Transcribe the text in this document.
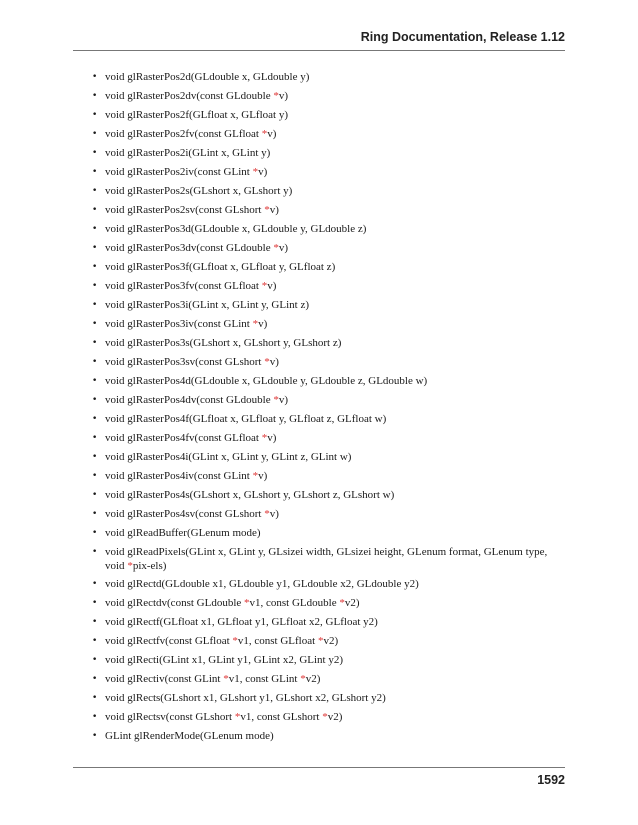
Ring Documentation, Release 1.12
• void glRasterPos2d(GLdouble x, GLdouble y)
• void glRasterPos2dv(const GLdouble *v)
• void glRasterPos2f(GLfloat x, GLfloat y)
• void glRasterPos2fv(const GLfloat *v)
• void glRasterPos2i(GLint x, GLint y)
• void glRasterPos2iv(const GLint *v)
• void glRasterPos2s(GLshort x, GLshort y)
• void glRasterPos2sv(const GLshort *v)
• void glRasterPos3d(GLdouble x, GLdouble y, GLdouble z)
• void glRasterPos3dv(const GLdouble *v)
• void glRasterPos3f(GLfloat x, GLfloat y, GLfloat z)
• void glRasterPos3fv(const GLfloat *v)
• void glRasterPos3i(GLint x, GLint y, GLint z)
• void glRasterPos3iv(const GLint *v)
• void glRasterPos3s(GLshort x, GLshort y, GLshort z)
• void glRasterPos3sv(const GLshort *v)
• void glRasterPos4d(GLdouble x, GLdouble y, GLdouble z, GLdouble w)
• void glRasterPos4dv(const GLdouble *v)
• void glRasterPos4f(GLfloat x, GLfloat y, GLfloat z, GLfloat w)
• void glRasterPos4fv(const GLfloat *v)
• void glRasterPos4i(GLint x, GLint y, GLint z, GLint w)
• void glRasterPos4iv(const GLint *v)
• void glRasterPos4s(GLshort x, GLshort y, GLshort z, GLshort w)
• void glRasterPos4sv(const GLshort *v)
• void glReadBuffer(GLenum mode)
• void glReadPixels(GLint x, GLint y, GLsizei width, GLsizei height, GLenum format, GLenum type, void *pix-els)
• void glRectd(GLdouble x1, GLdouble y1, GLdouble x2, GLdouble y2)
• void glRectdv(const GLdouble *v1, const GLdouble *v2)
• void glRectf(GLfloat x1, GLfloat y1, GLfloat x2, GLfloat y2)
• void glRectfv(const GLfloat *v1, const GLfloat *v2)
• void glRecti(GLint x1, GLint y1, GLint x2, GLint y2)
• void glRectiv(const GLint *v1, const GLint *v2)
• void glRects(GLshort x1, GLshort y1, GLshort x2, GLshort y2)
• void glRectsv(const GLshort *v1, const GLshort *v2)
• GLint glRenderMode(GLenum mode)
1592
